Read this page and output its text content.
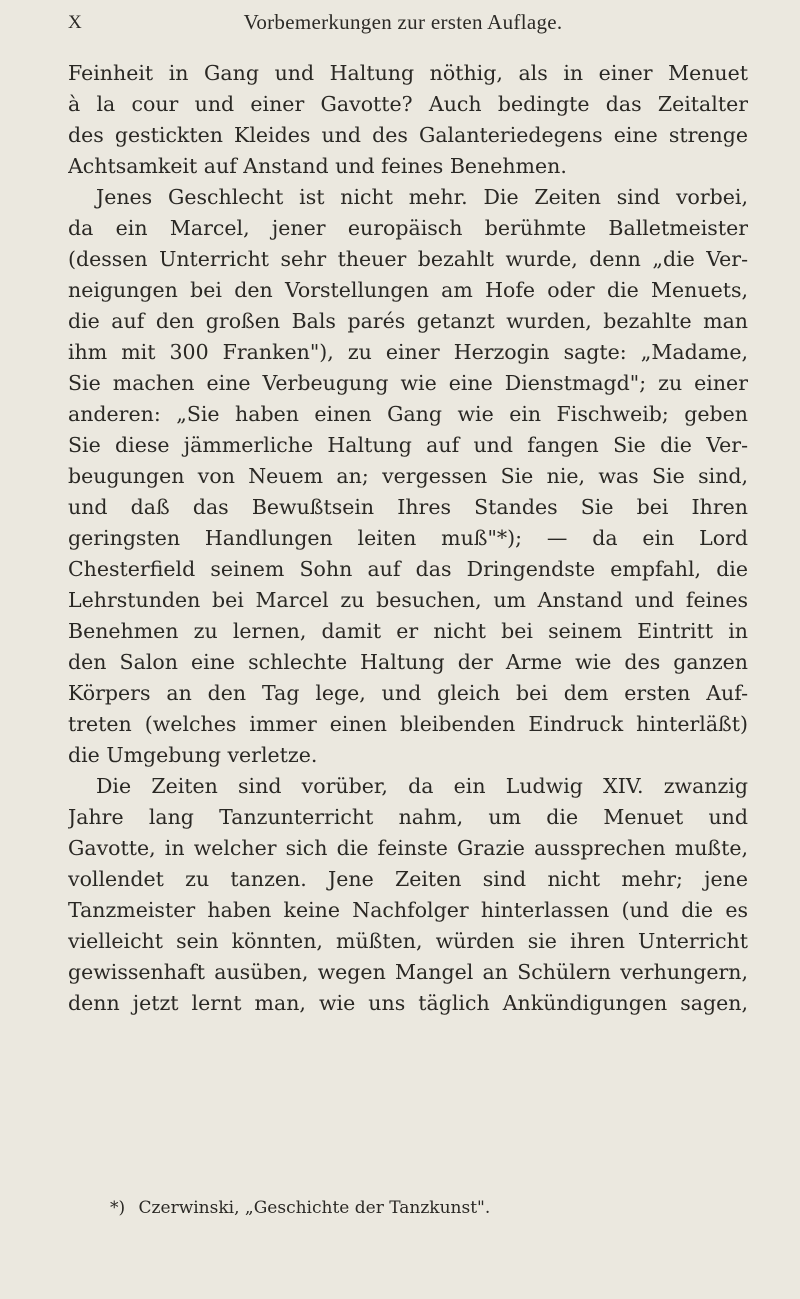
X	Vorbemerkungen zur ersten Auflage.
Feinheit in Gang und Haltung nöthig, als in einer Menuet
à la cour und einer Gavotte? Auch bedingte das Zeitalter
des gestickten Kleides und des Galanteriedegens eine strenge
Achtsamkeit auf Anstand und feines Benehmen.
Jenes Geschlecht ist nicht mehr. Die Zeiten sind vorbei,
da ein Marcel, jener europäisch berühmte Balletmeister
(dessen Unterricht sehr theuer bezahlt wurde, denn „die Ver-
neigungen bei den Vorstellungen am Hofe oder die Menuets,
die auf den großen Bals parés getanzt wurden, bezahlte man
ihm mit 300 Franken"), zu einer Herzogin sagte: „Madame,
Sie machen eine Verbeugung wie eine Dienstmagd"; zu einer
anderen: „Sie haben einen Gang wie ein Fischweib; geben
Sie diese jämmerliche Haltung auf und fangen Sie die Ver-
beugungen von Neuem an; vergessen Sie nie, was Sie sind,
und daß das Bewußtsein Ihres Standes Sie bei Ihren
geringsten Handlungen leiten muß"*); — da ein Lord
Chesterfield seinem Sohn auf das Dringendste empfahl, die
Lehrstunden bei Marcel zu besuchen, um Anstand und feines
Benehmen zu lernen, damit er nicht bei seinem Eintritt in
den Salon eine schlechte Haltung der Arme wie des ganzen
Körpers an den Tag lege, und gleich bei dem ersten Auf-
treten (welches immer einen bleibenden Eindruck hinterläßt)
die Umgebung verletze.
Die Zeiten sind vorüber, da ein Ludwig XIV. zwanzig
Jahre lang Tanzunterricht nahm, um die Menuet und
Gavotte, in welcher sich die feinste Grazie aussprechen mußte,
vollendet zu tanzen. Jene Zeiten sind nicht mehr; jene
Tanzmeister haben keine Nachfolger hinterlassen (und die es
vielleicht sein könnten, müßten, würden sie ihren Unterricht
gewissenhaft ausüben, wegen Mangel an Schülern verhungern,
denn jetzt lernt man, wie uns täglich Ankündigungen sagen,
*) Czerwinski, „Geschichte der Tanzkunst".
